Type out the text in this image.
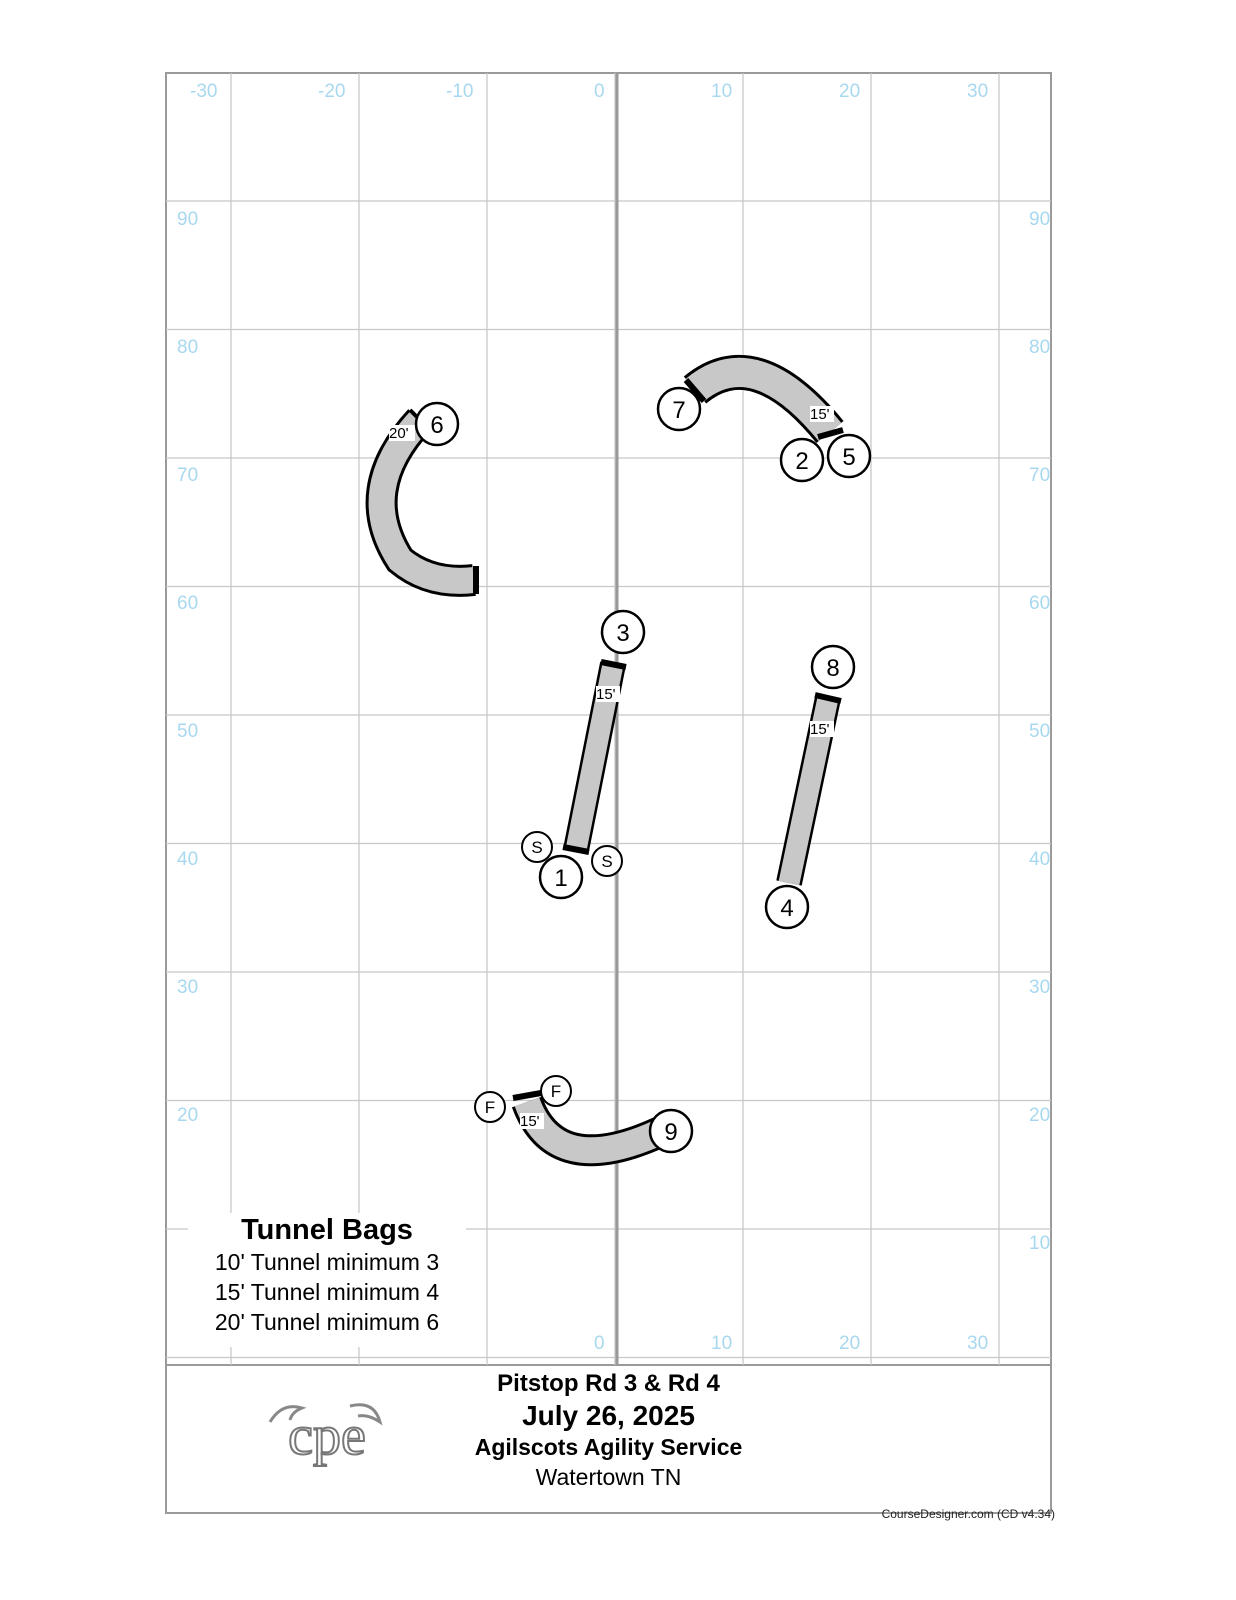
-30	-20	-10	0	10	20	30
0	10	20	30
90
80
70
60
50
40
30
20
90
80
70
60
50
40
30
20
10
15'
15'
15'
20'
15'
1
2
3
4
5
6
7
8
9
S
S
F
F
Tunnel Bags
10' Tunnel minimum 3
15' Tunnel minimum 4
20' Tunnel minimum 6
cpe
Pitstop Rd 3 & Rd 4
July 26, 2025
Agilscots Agility Service
Watertown TN
CourseDesigner.com (CD v4.34)
